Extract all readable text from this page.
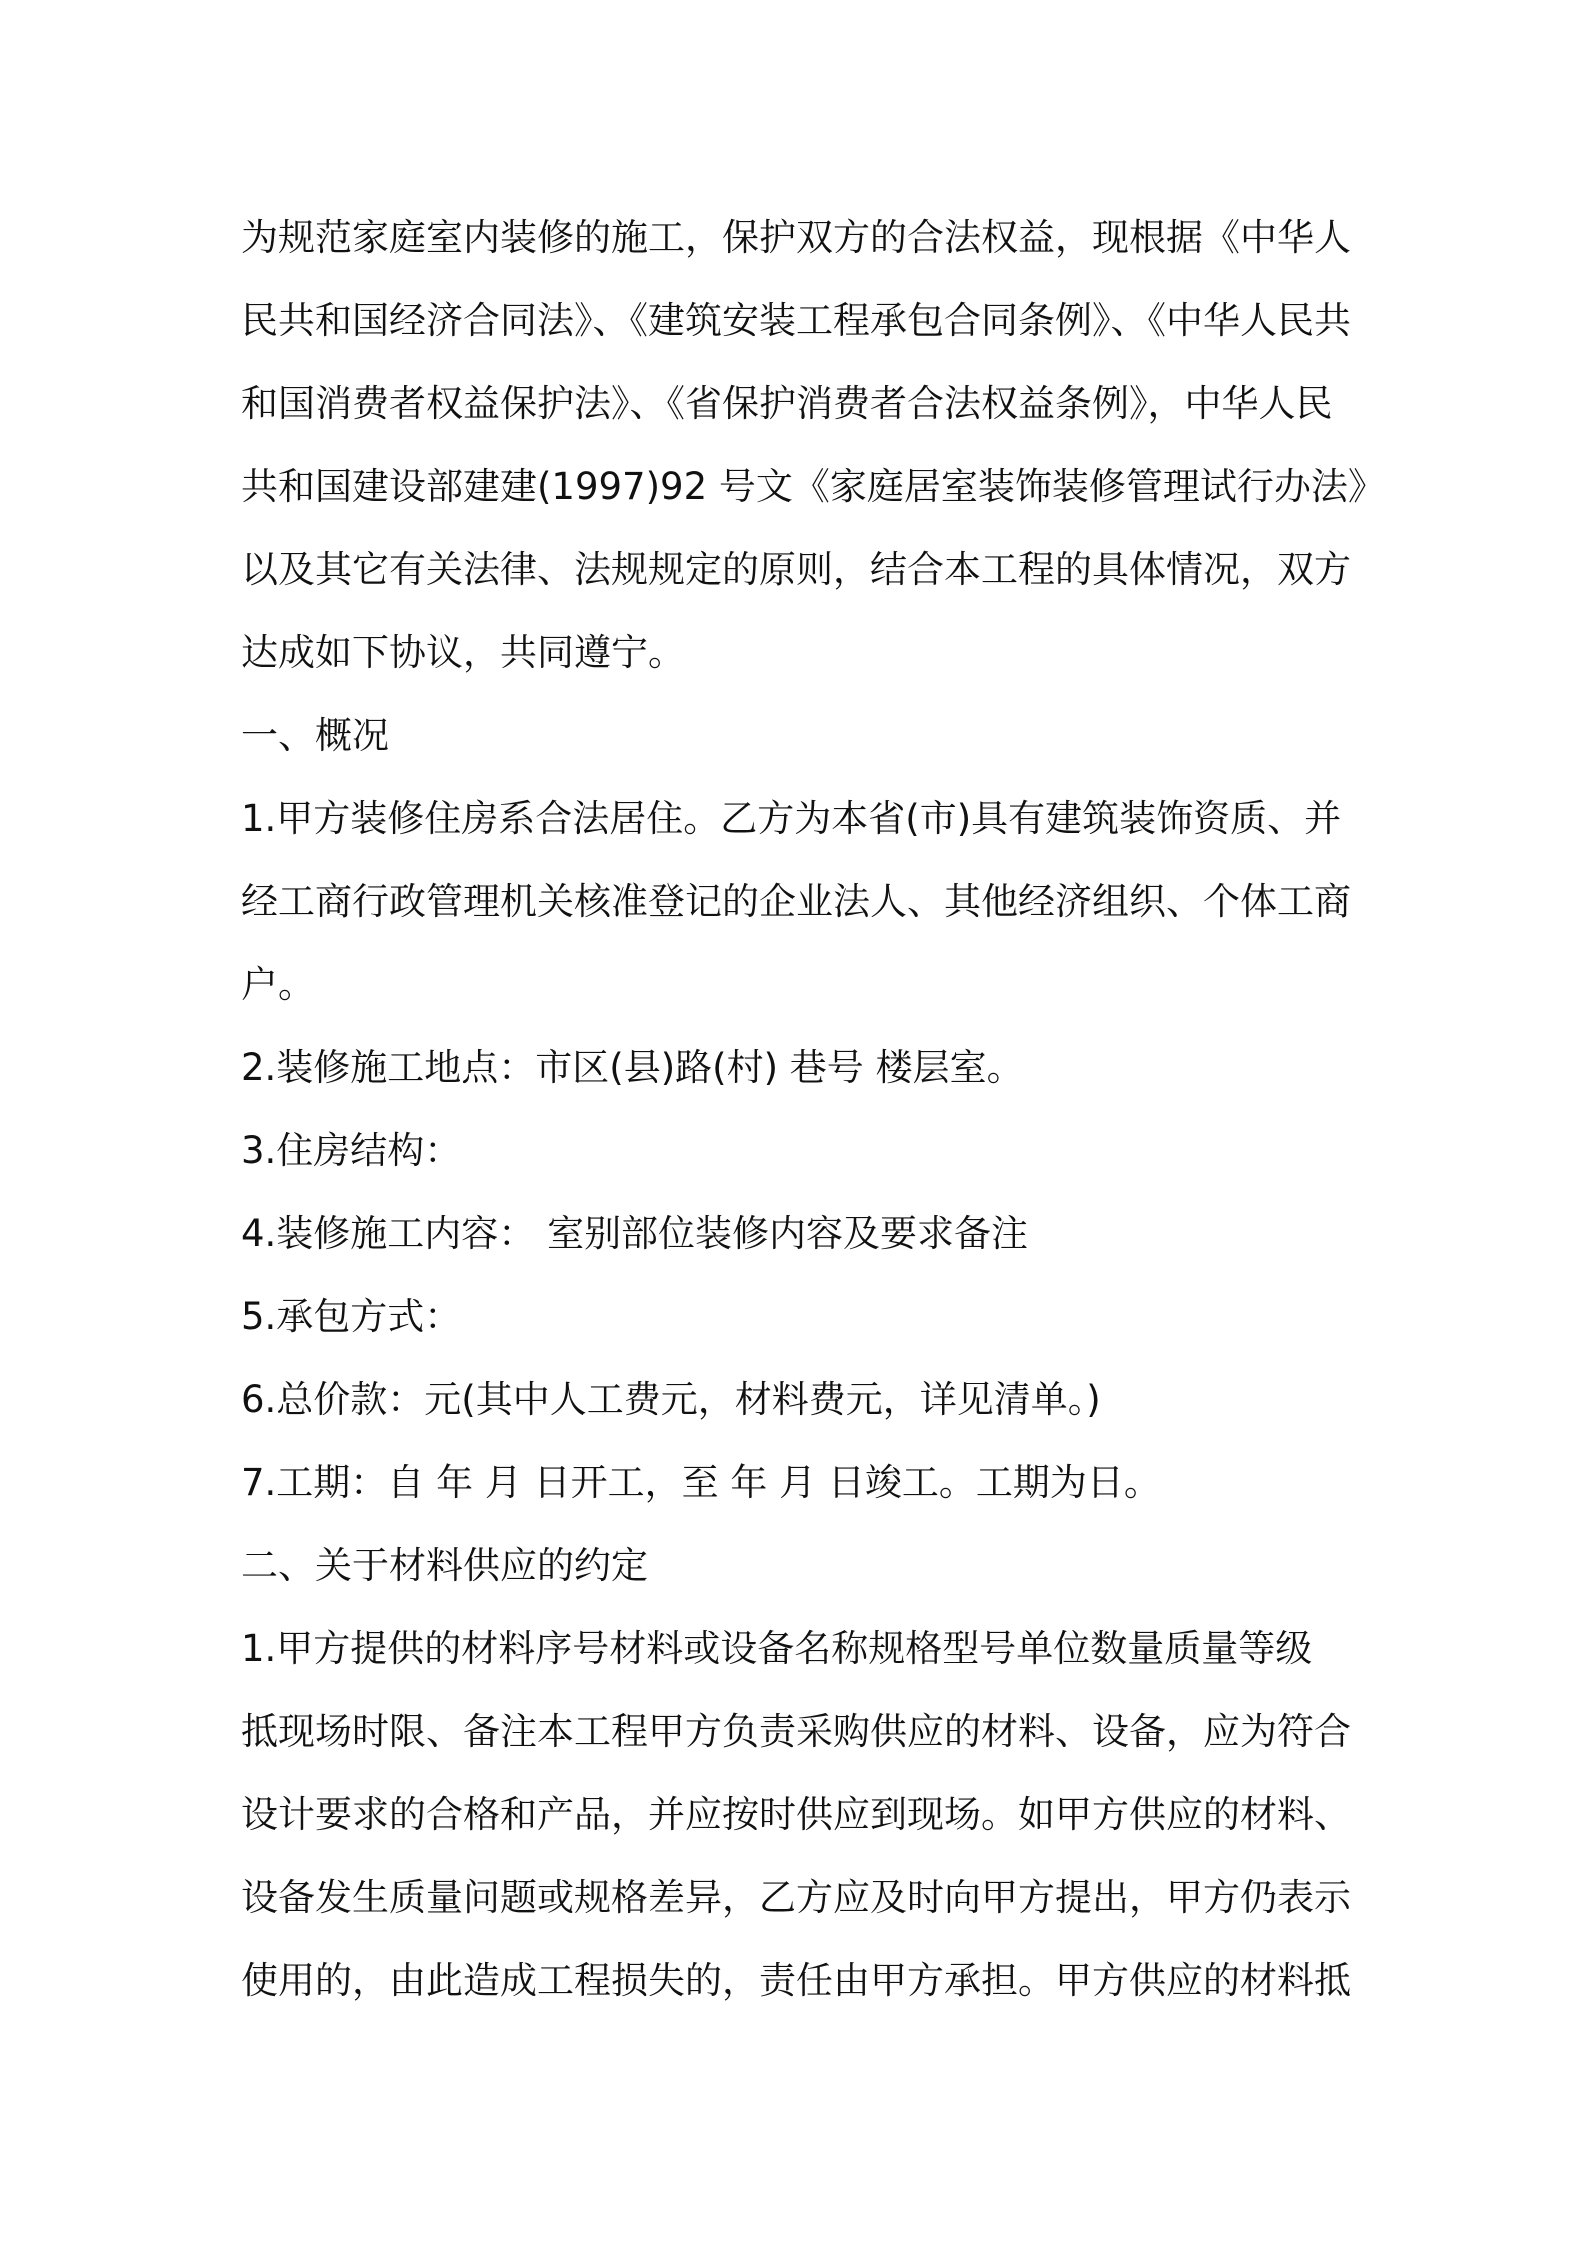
为规范家庭室内装修的施工，保护双方的合法权益，现根据《中华人
民共和国经济合同法》、《建筑安装工程承包合同条例》、《中华人民共
和国消费者权益保护法》、《省保护消费者合法权益条例》，中华人民
共和国建设部建建(1997)92 号文《家庭居室装饰装修管理试行办法》
以及其它有关法律、法规规定的原则，结合本工程的具体情况，双方
达成如下协议，共同遵宁。
一、概况
1.甲方装修住房系合法居住。乙方为本省(市)具有建筑装饰资质、并
经工商行政管理机关核准登记的企业法人、其他经济组织、个体工商
户。
2.装修施工地点：市区(县)路(村) 巷号 楼层室。
3.住房结构：
4.装修施工内容： 室别部位装修内容及要求备注
5.承包方式：
6.总价款：元(其中人工费元，材料费元，详见清单。)
7.工期：自 年 月 日开工，至 年 月 日竣工。工期为日。
二、关于材料供应的约定
1.甲方提供的材料序号材料或设备名称规格型号单位数量质量等级
抵现场时限、备注本工程甲方负责采购供应的材料、设备，应为符合
设计要求的合格和产品，并应按时供应到现场。如甲方供应的材料、
设备发生质量问题或规格差异，乙方应及时向甲方提出，甲方仍表示
使用的，由此造成工程损失的，责任由甲方承担。甲方供应的材料抵
